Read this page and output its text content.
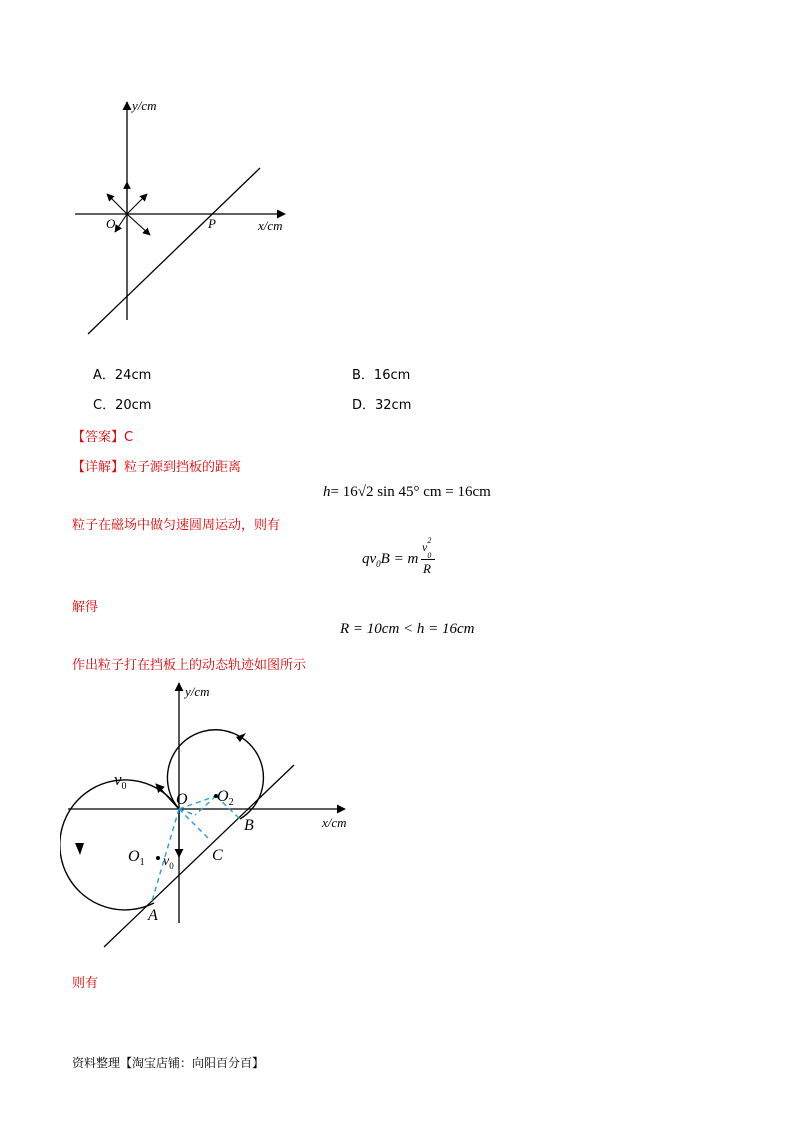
y/cm
x/cm
O	P
A．24cm	B．16cm
C．20cm	D．32cm
【答案】C
【详解】粒子源到挡板的距离
h= 16√2 sin 45° cm = 16cm
粒子在磁场中做匀速圆周运动，则有
$qv_0B = m$
v 2
$_0$
R
解得
R = 10cm < h = 16cm
作出粒子打在挡板上的动态轨迹如图所示
y/cm
x/cm
O
$v_0$
$O_1$ $v_0$
$O_2$
A
B
C
则有
资料整理【淘宝店铺：向阳百分百】
